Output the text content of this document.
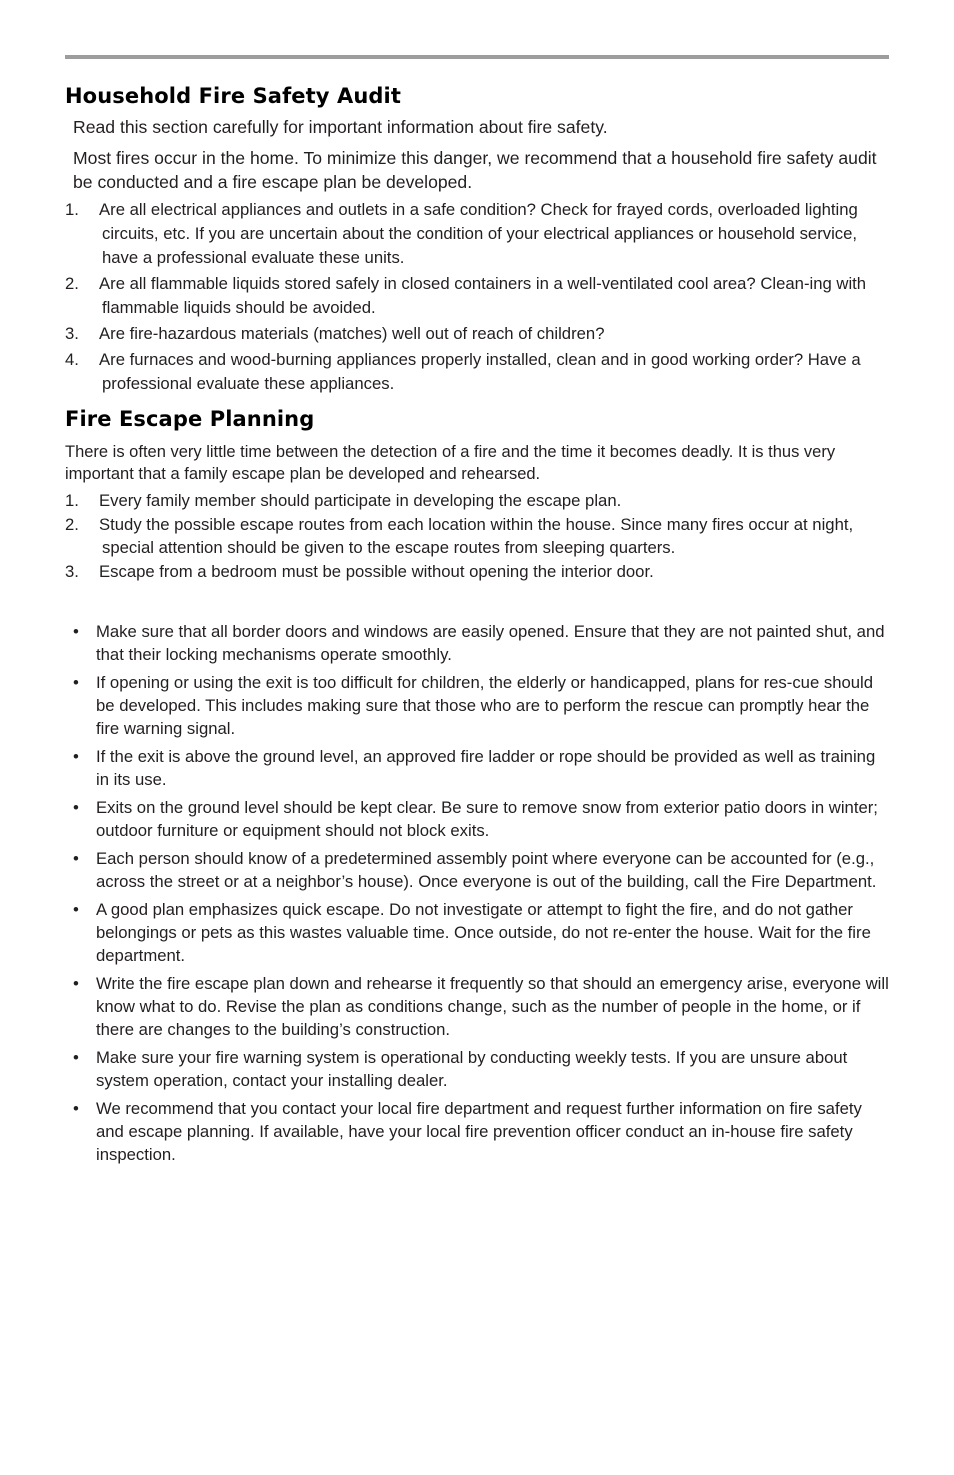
Household Fire Safety Audit

Read this section carefully for important information about fire safety.

Most fires occur in the home. To minimize this danger, we recommend that a household fire safety audit be conducted and a fire escape plan be developed.

1. Are all electrical appliances and outlets in a safe condition? Check for frayed cords, overloaded lighting circuits, etc. If you are uncertain about the condition of your electrical appliances or household service, have a professional evaluate these units.
2. Are all flammable liquids stored safely in closed containers in a well-ventilated cool area? Clean-ing with flammable liquids should be avoided.
3. Are fire-hazardous materials (matches) well out of reach of children?
4. Are furnaces and wood-burning appliances properly installed, clean and in good working order? Have a professional evaluate these appliances.
Fire Escape Planning

There is often very little time between the detection of a fire and the time it becomes deadly. It is thus very important that a family escape plan be developed and rehearsed.

1. Every family member should participate in developing the escape plan.
2. Study the possible escape routes from each location within the house. Since many fires occur at night, special attention should be given to the escape routes from sleeping quarters.
3. Escape from a bedroom must be possible without opening the interior door.
• Make sure that all border doors and windows are easily opened. Ensure that they are not painted shut, and that their locking mechanisms operate smoothly.
• If opening or using the exit is too difficult for children, the elderly or handicapped, plans for res-cue should be developed. This includes making sure that those who are to perform the rescue can promptly hear the fire warning signal.
• If the exit is above the ground level, an approved fire ladder or rope should be provided as well as training in its use.
• Exits on the ground level should be kept clear. Be sure to remove snow from exterior patio doors in winter; outdoor furniture or equipment should not block exits.
• Each person should know of a predetermined assembly point where everyone can be accounted for (e.g., across the street or at a neighbor’s house). Once everyone is out of the building, call the Fire Department.
• A good plan emphasizes quick escape. Do not investigate or attempt to fight the fire, and do not gather belongings or pets as this wastes valuable time. Once outside, do not re-enter the house. Wait for the fire department.
• Write the fire escape plan down and rehearse it frequently so that should an emergency arise, everyone will know what to do. Revise the plan as conditions change, such as the number of people in the home, or if there are changes to the building’s construction.
• Make sure your fire warning system is operational by conducting weekly tests. If you are unsure about system operation, contact your installing dealer.
• We recommend that you contact your local fire department and request further information on fire safety and escape planning. If available, have your local fire prevention officer conduct an in-house fire safety inspection.
